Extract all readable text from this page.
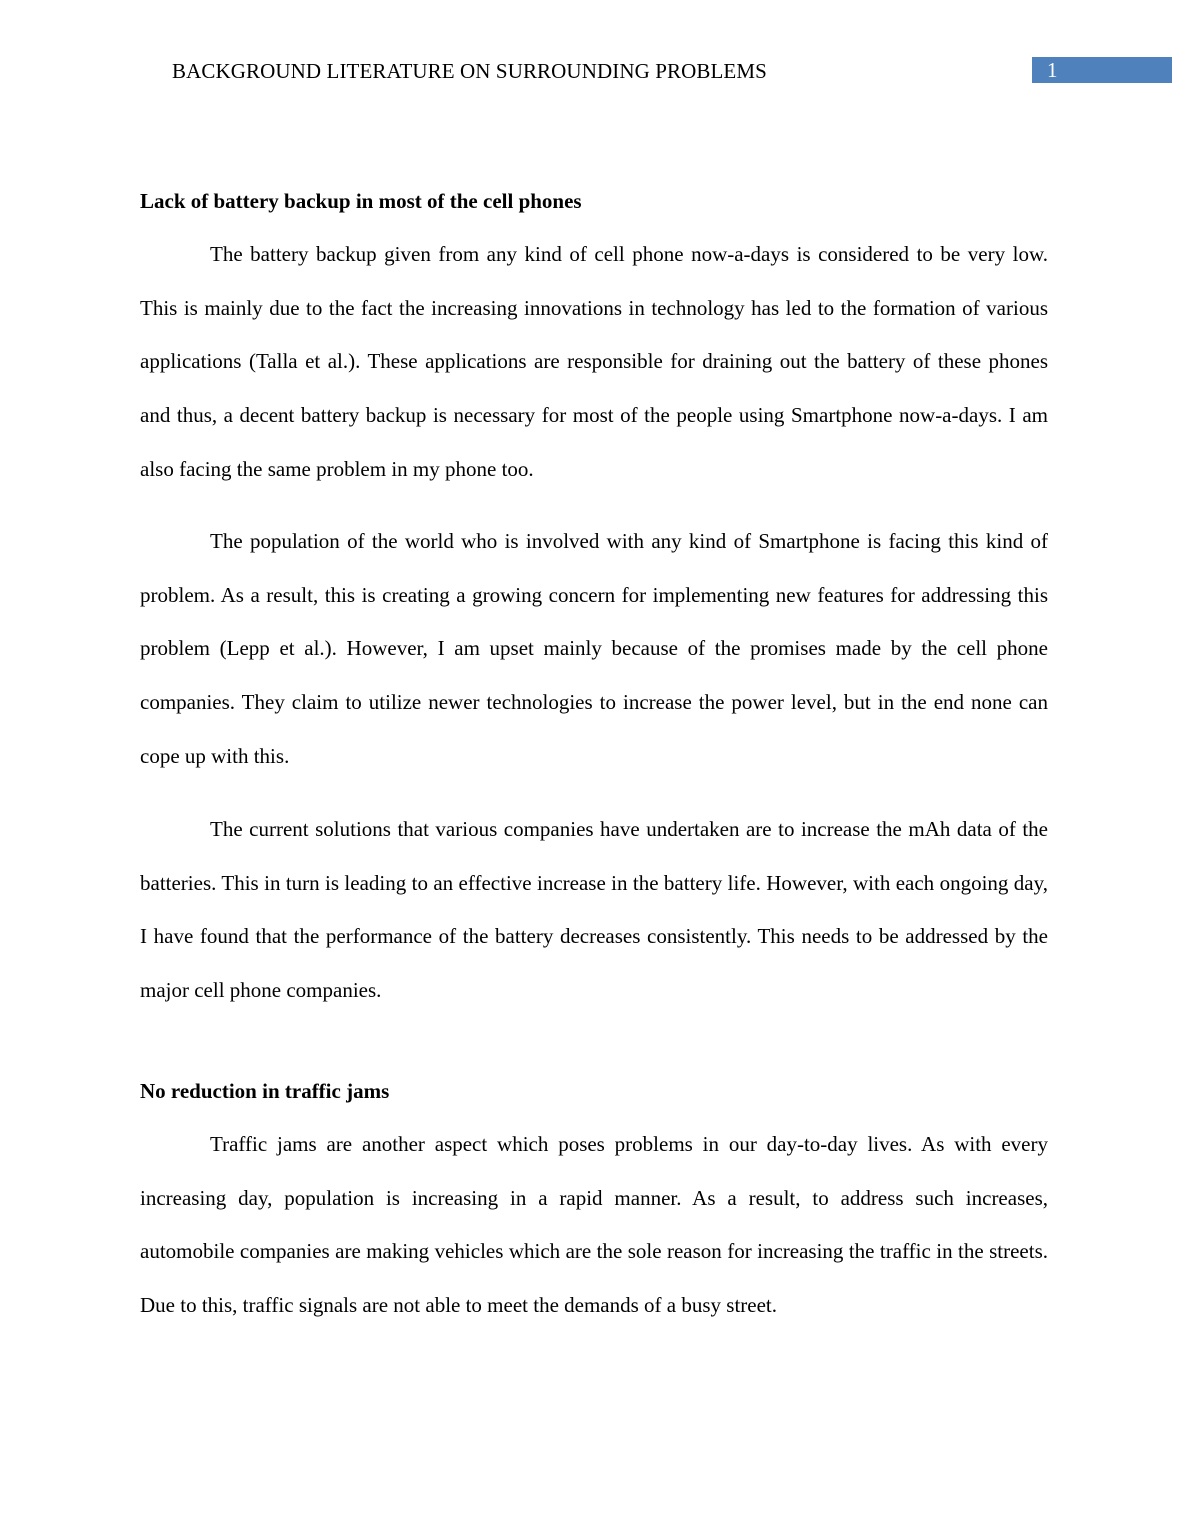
BACKGROUND LITERATURE ON SURROUNDING PROBLEMS	1
Lack of battery backup in most of the cell phones

The battery backup given from any kind of cell phone now-a-days is considered to be very low. This is mainly due to the fact the increasing innovations in technology has led to the formation of various applications (Talla et al.). These applications are responsible for draining out the battery of these phones and thus, a decent battery backup is necessary for most of the people using Smartphone now-a-days. I am also facing the same problem in my phone too.

The population of the world who is involved with any kind of Smartphone is facing this kind of problem. As a result, this is creating a growing concern for implementing new features for addressing this problem (Lepp et al.). However, I am upset mainly because of the promises made by the cell phone companies. They claim to utilize newer technologies to increase the power level, but in the end none can cope up with this.

The current solutions that various companies have undertaken are to increase the mAh data of the batteries. This in turn is leading to an effective increase in the battery life. However, with each ongoing day, I have found that the performance of the battery decreases consistently. This needs to be addressed by the major cell phone companies.

No reduction in traffic jams

Traffic jams are another aspect which poses problems in our day-to-day lives. As with every increasing day, population is increasing in a rapid manner. As a result, to address such increases, automobile companies are making vehicles which are the sole reason for increasing the traffic in the streets. Due to this, traffic signals are not able to meet the demands of a busy street.
